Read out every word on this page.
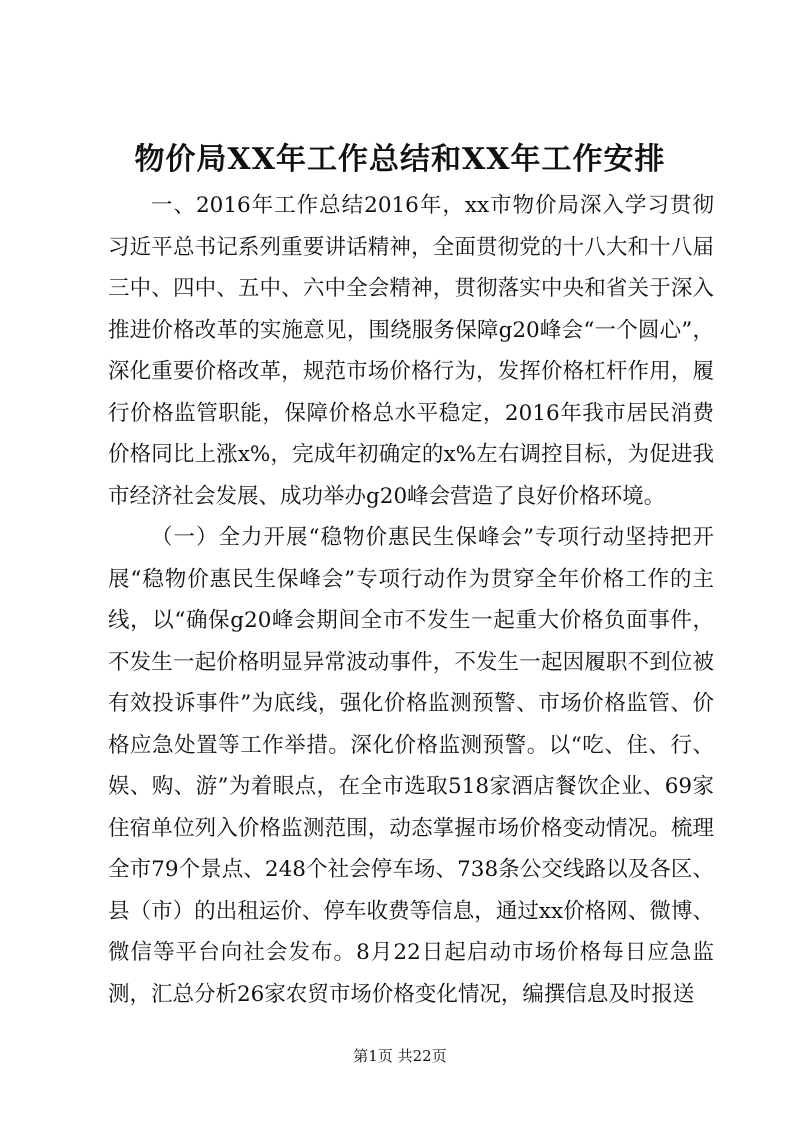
物价局XX年工作总结和XX年工作安排

一、2016年工作总结2016年，xx市物价局深入学习贯彻习近平总书记系列重要讲话精神，全面贯彻党的十八大和十八届三中、四中、五中、六中全会精神，贯彻落实中央和省关于深入推进价格改革的实施意见，围绕服务保障g20峰会“一个圆心”，深化重要价格改革，规范市场价格行为，发挥价格杠杆作用，履行价格监管职能，保障价格总水平稳定，2016年我市居民消费价格同比上涨x%，完成年初确定的x%左右调控目标，为促进我市经济社会发展、成功举办g20峰会营造了良好价格环境。

（一）全力开展“稳物价惠民生保峰会”专项行动坚持把开展“稳物价惠民生保峰会”专项行动作为贯穿全年价格工作的主线，以“确保g20峰会期间全市不发生一起重大价格负面事件，不发生一起价格明显异常波动事件，不发生一起因履职不到位被有效投诉事件”为底线，强化价格监测预警、市场价格监管、价格应急处置等工作举措。深化价格监测预警。以“吃、住、行、娱、购、游”为着眼点，在全市选取518家酒店餐饮企业、69家住宿单位列入价格监测范围，动态掌握市场价格变动情况。梳理全市79个景点、248个社会停车场、738条公交线路以及各区、县（市）的出租运价、停车收费等信息，通过xx价格网、微博、微信等平台向社会发布。8月22日起启动市场价格每日应急监测，汇总分析26家农贸市场价格变化情况，编撰信息及时报送

第1页 共22页
